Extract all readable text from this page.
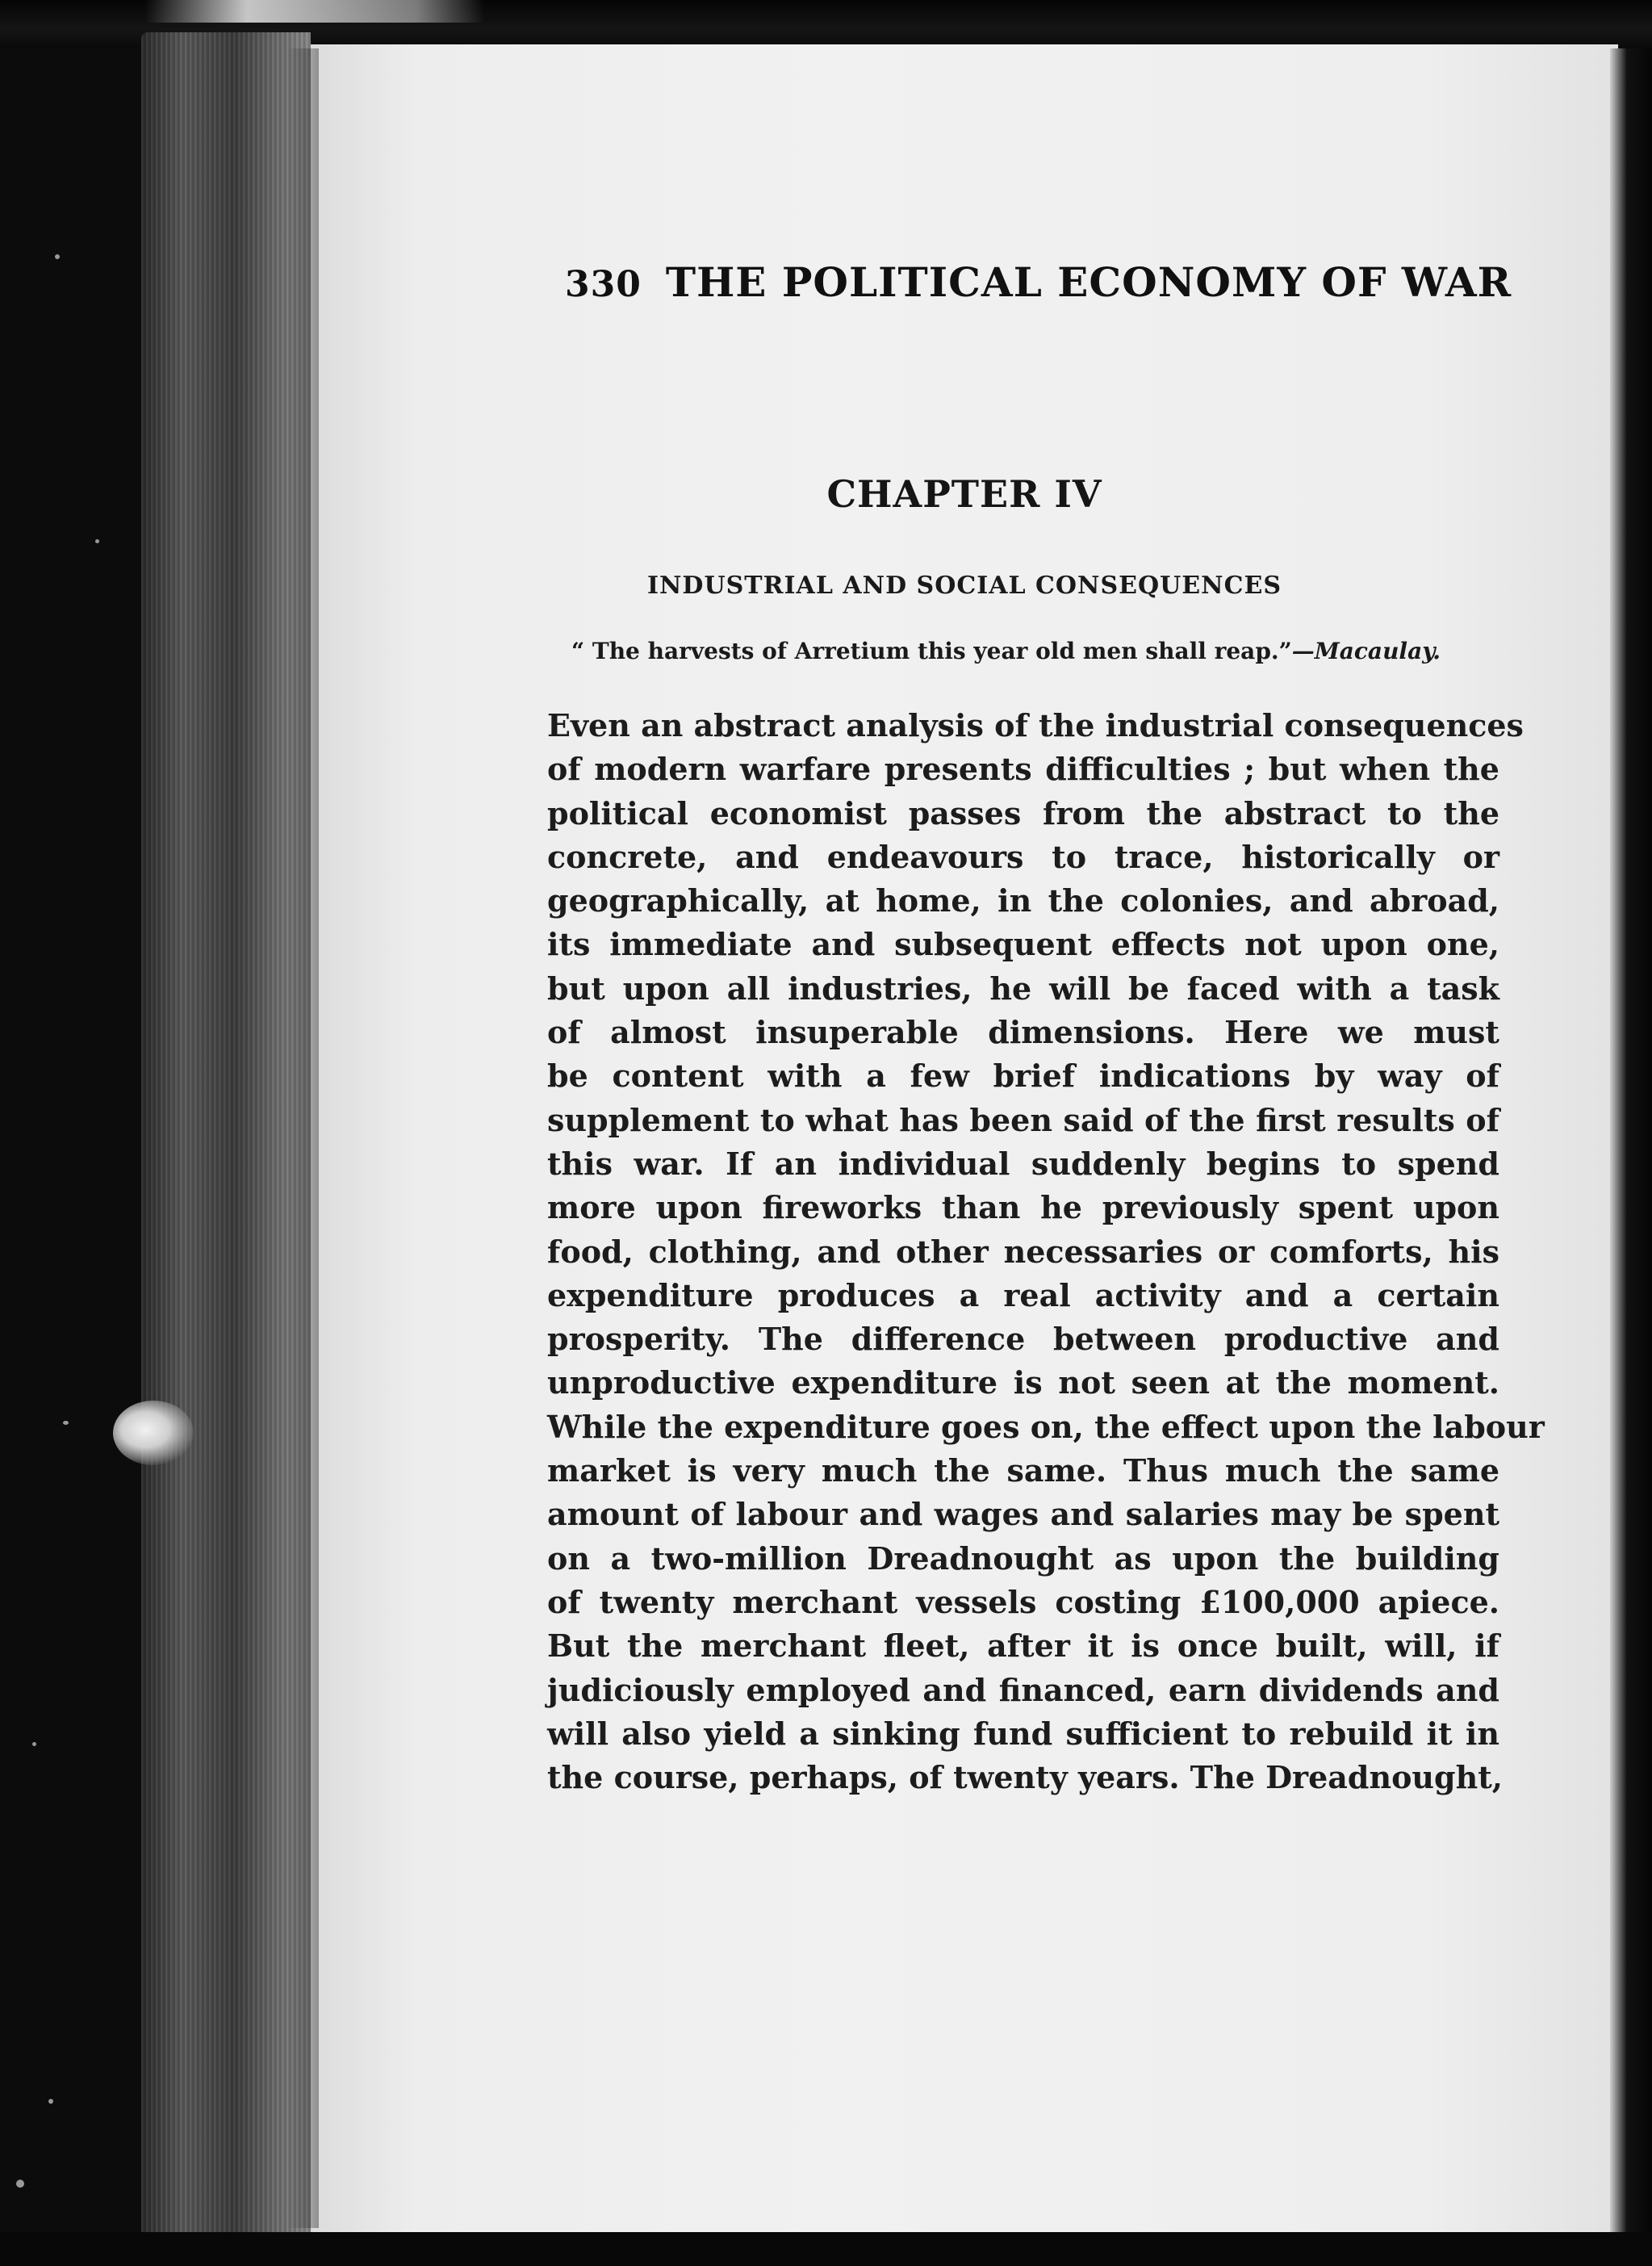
330 THE POLITICAL ECONOMY OF WAR
CHAPTER IV
INDUSTRIAL AND SOCIAL CONSEQUENCES
“ The harvests of Arretium this year old men shall reap.”—Macaulay.
Even an abstract analysis of the industrial consequences
of modern warfare presents difficulties ; but when the
political economist passes from the abstract to the
concrete, and endeavours to trace, historically or
geographically, at home, in the colonies, and abroad,
its immediate and subsequent effects not upon one,
but upon all industries, he will be faced with a task
of almost insuperable dimensions. Here we must
be content with a few brief indications by way of
supplement to what has been said of the first results of
this war. If an individual suddenly begins to spend
more upon fireworks than he previously spent upon
food, clothing, and other necessaries or comforts, his
expenditure produces a real activity and a certain
prosperity. The difference between productive and
unproductive expenditure is not seen at the moment.
While the expenditure goes on, the effect upon the labour
market is very much the same. Thus much the same
amount of labour and wages and salaries may be spent
on a two-million Dreadnought as upon the building
of twenty merchant vessels costing £100,000 apiece.
But the merchant fleet, after it is once built, will, if
judiciously employed and financed, earn dividends and
will also yield a sinking fund sufficient to rebuild it in
the course, perhaps, of twenty years. The Dreadnought,
